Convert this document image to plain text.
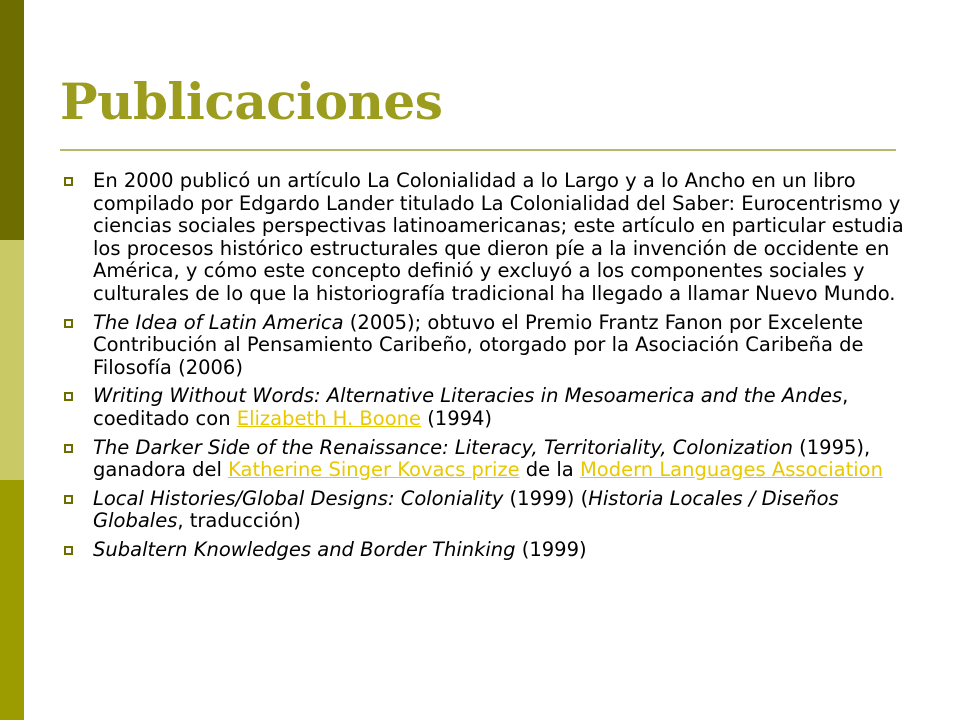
Publicaciones
En 2000 publicó un artículo La Colonialidad a lo Largo y a lo Ancho en un libro compilado por Edgardo Lander titulado La Colonialidad del Saber: Eurocentrismo y ciencias sociales perspectivas latinoamericanas; este artículo en particular estudia los procesos histórico estructurales que dieron píe a la invención de occidente en América, y cómo este concepto definió y excluyó a los componentes sociales y culturales de lo que la historiografía tradicional ha llegado a llamar Nuevo Mundo.
The Idea of Latin America (2005); obtuvo el Premio Frantz Fanon por Excelente Contribución al Pensamiento Caribeño, otorgado por la Asociación Caribeña de Filosofía (2006)
Writing Without Words: Alternative Literacies in Mesoamerica and the Andes, coeditado con Elizabeth H. Boone (1994)
The Darker Side of the Renaissance: Literacy, Territoriality, Colonization (1995), ganadora del Katherine Singer Kovacs prize de la Modern Languages Association
Local Histories/Global Designs: Coloniality (1999) (Historia Locales / Diseños Globales, traducción)
Subaltern Knowledges and Border Thinking (1999)
